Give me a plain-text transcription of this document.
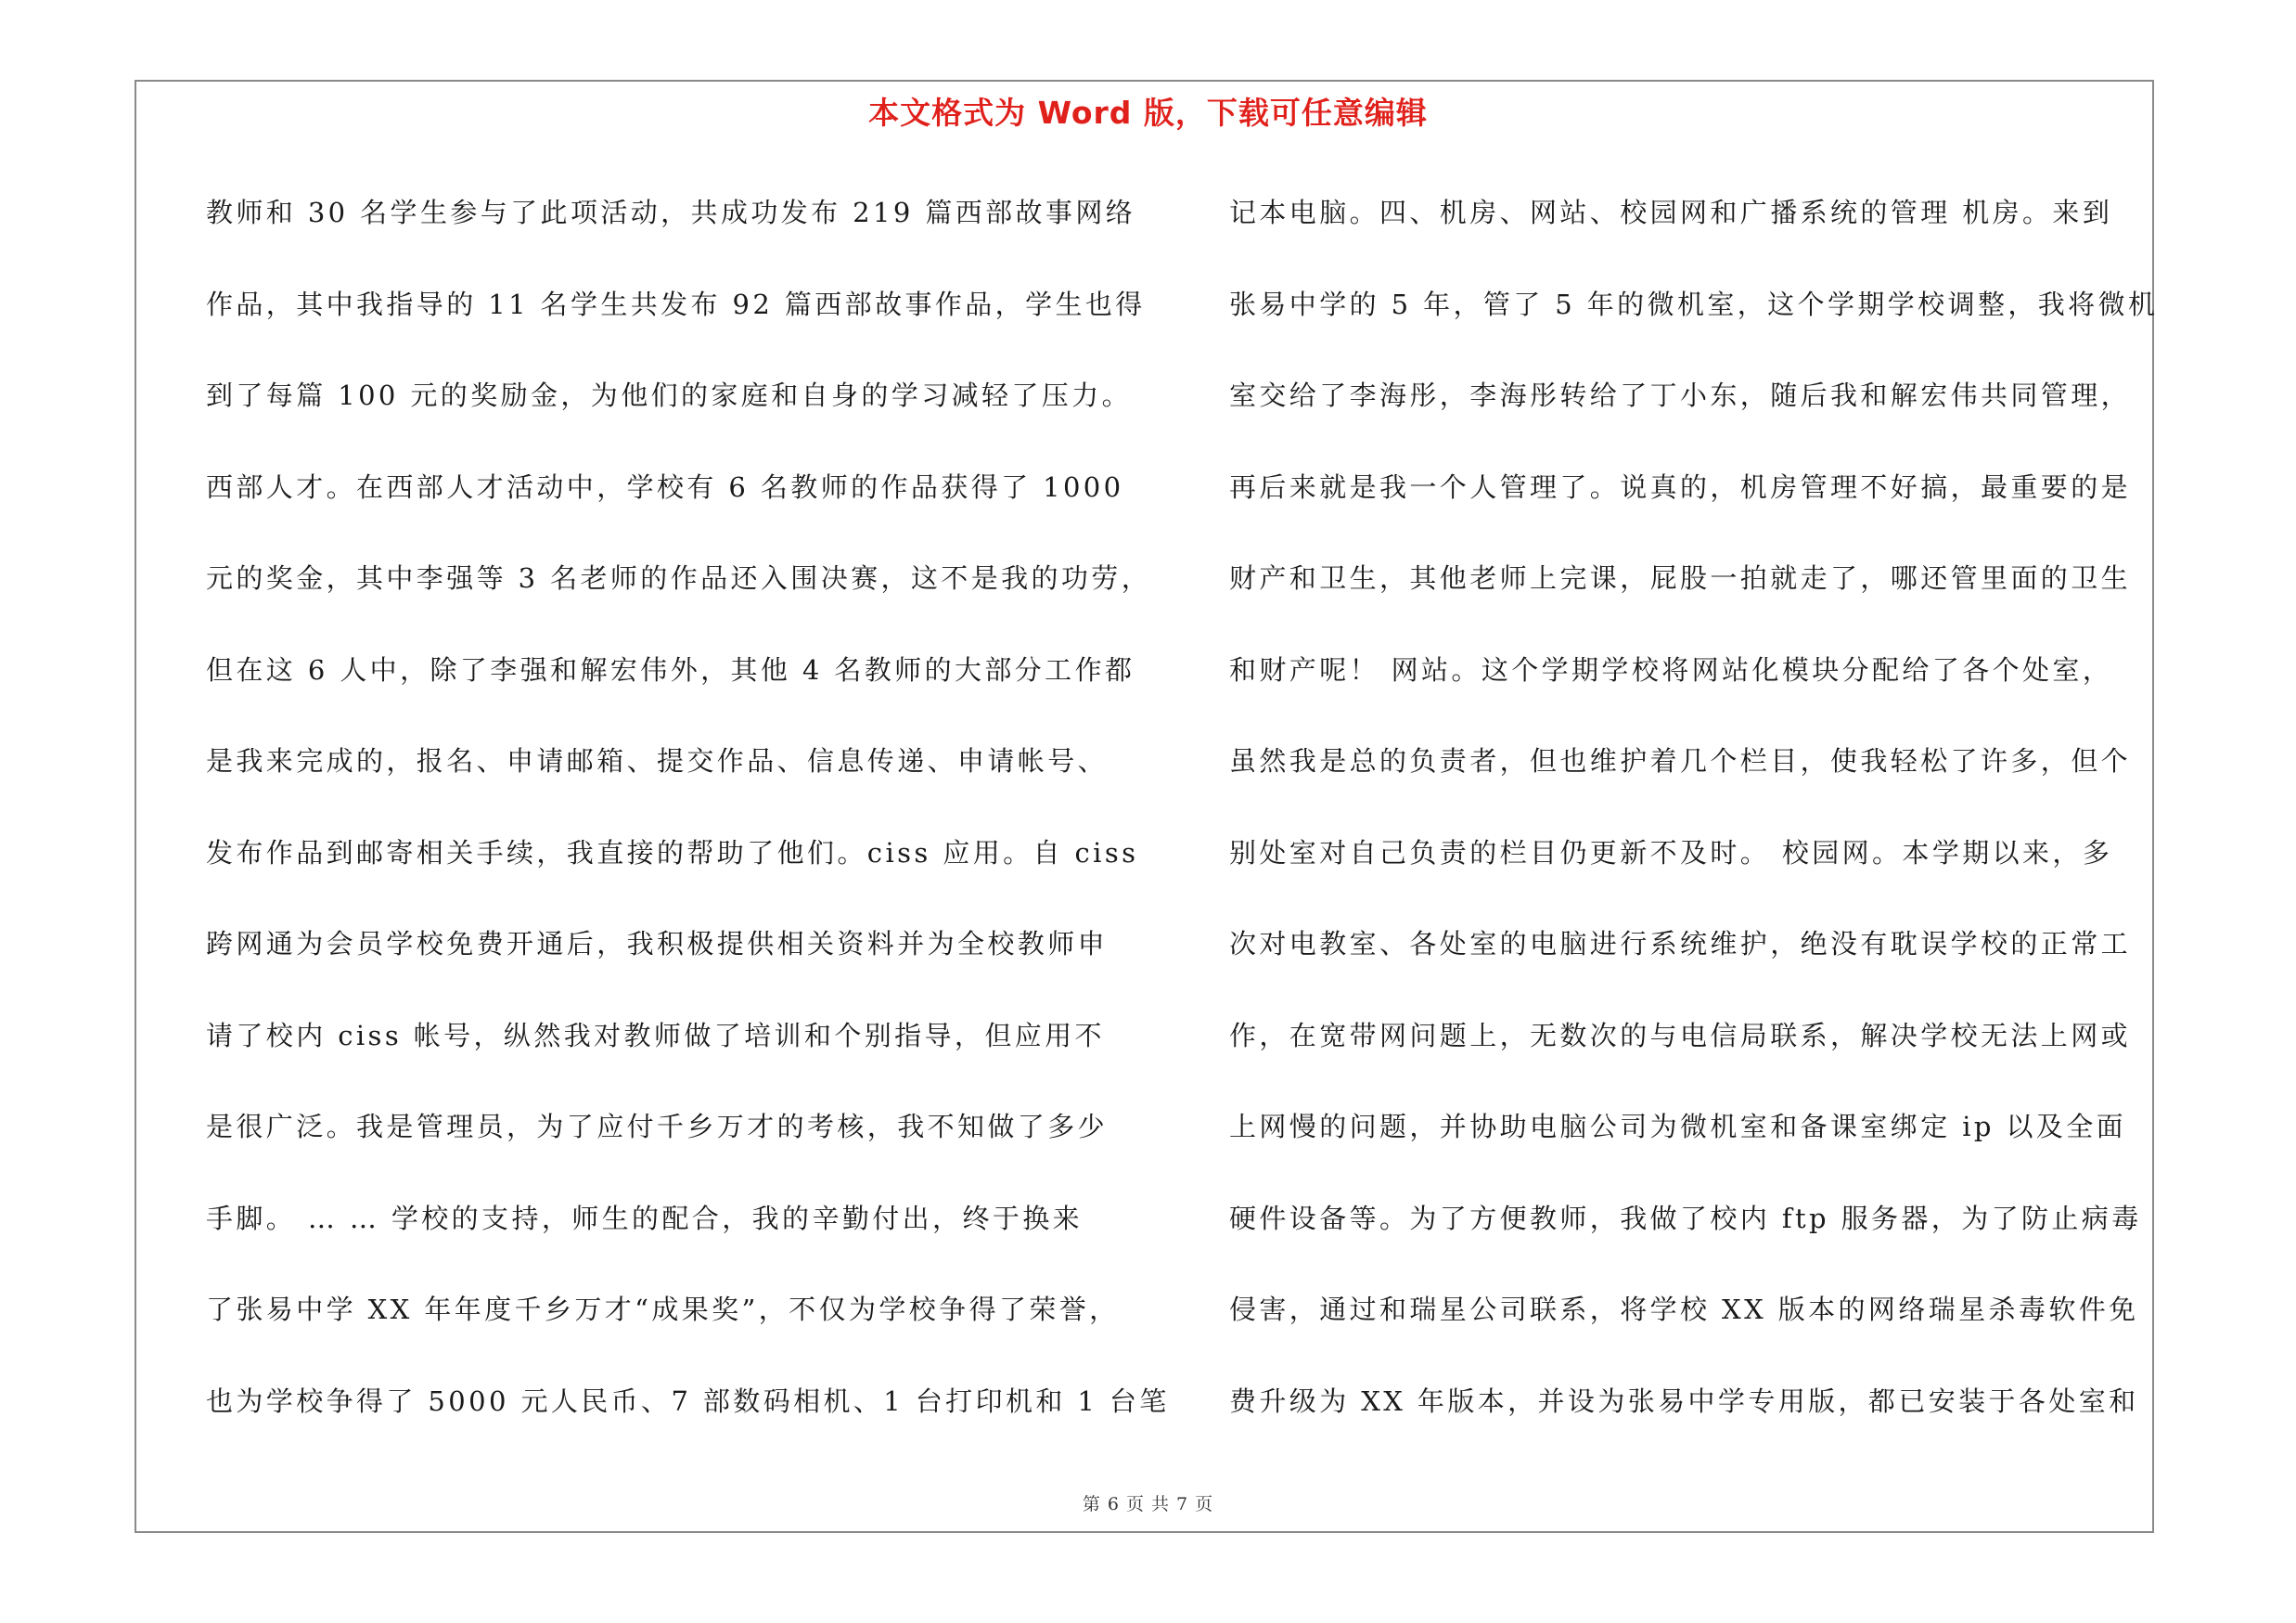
本文格式为 Word 版，下载可任意编辑
教师和 30 名学生参与了此项活动，共成功发布 219 篇西部故事网络
作品，其中我指导的 11 名学生共发布 92 篇西部故事作品，学生也得
到了每篇 100 元的奖励金，为他们的家庭和自身的学习减轻了压力。
西部人才。在西部人才活动中，学校有 6 名教师的作品获得了 1000
元的奖金，其中李强等 3 名老师的作品还入围决赛，这不是我的功劳，
但在这 6 人中，除了李强和解宏伟外，其他 4 名教师的大部分工作都
是我来完成的，报名、申请邮箱、提交作品、信息传递、申请帐号、
发布作品到邮寄相关手续，我直接的帮助了他们。ciss 应用。自 ciss
跨网通为会员学校免费开通后，我积极提供相关资料并为全校教师申
请了校内 ciss 帐号，纵然我对教师做了培训和个别指导，但应用不
是很广泛。我是管理员，为了应付千乡万才的考核，我不知做了多少
手脚。 … … 学校的支持，师生的配合，我的辛勤付出，终于换来
了张易中学 XX 年年度千乡万才“成果奖”，不仅为学校争得了荣誉，
也为学校争得了 5000 元人民币、7 部数码相机、1 台打印机和 1 台笔
记本电脑。四、机房、网站、校园网和广播系统的管理 机房。来到
张易中学的 5 年，管了 5 年的微机室，这个学期学校调整，我将微机
室交给了李海彤，李海彤转给了丁小东，随后我和解宏伟共同管理，
再后来就是我一个人管理了。说真的，机房管理不好搞，最重要的是
财产和卫生，其他老师上完课，屁股一拍就走了，哪还管里面的卫生
和财产呢！ 网站。这个学期学校将网站化模块分配给了各个处室，
虽然我是总的负责者，但也维护着几个栏目，使我轻松了许多，但个
别处室对自己负责的栏目仍更新不及时。 校园网。本学期以来，多
次对电教室、各处室的电脑进行系统维护，绝没有耽误学校的正常工
作，在宽带网问题上，无数次的与电信局联系，解决学校无法上网或
上网慢的问题，并协助电脑公司为微机室和备课室绑定 ip 以及全面
硬件设备等。为了方便教师，我做了校内 ftp 服务器，为了防止病毒
侵害，通过和瑞星公司联系，将学校 XX 版本的网络瑞星杀毒软件免
费升级为 XX 年版本，并设为张易中学专用版，都已安装于各处室和
第 6 页 共 7 页
